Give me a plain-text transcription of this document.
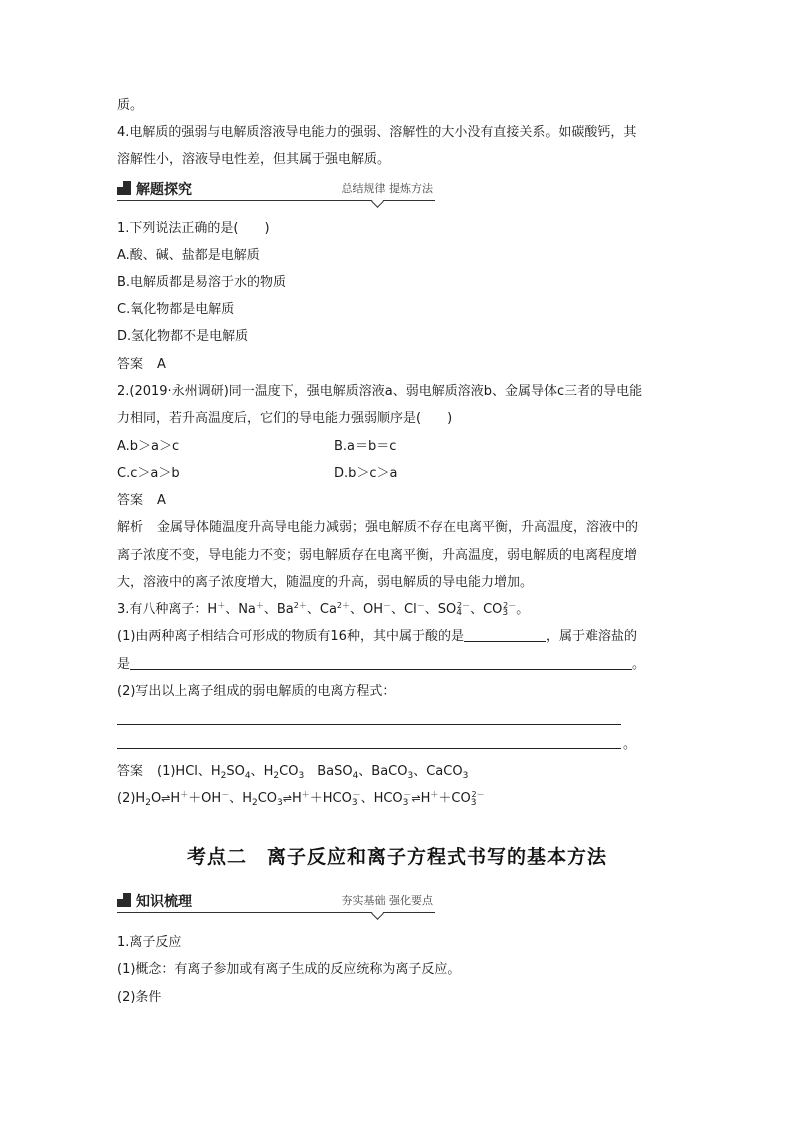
质。
4.电解质的强弱与电解质溶液导电能力的强弱、溶解性的大小没有直接关系。如碳酸钙，其
溶解性小，溶液导电性差，但其属于强电解质。
解题探究	总结规律 提炼方法
1.下列说法正确的是(　　)
A.酸、碱、盐都是电解质
B.电解质都是易溶于水的物质
C.氧化物都是电解质
D.氢化物都不是电解质
答案 A
2.(2019·永州调研)同一温度下，强电解质溶液a、弱电解质溶液b、金属导体c三者的导电能
力相同，若升高温度后，它们的导电能力强弱顺序是(　　)
A.b＞a＞c	B.a＝b＝c
C.c＞a＞b	D.b＞c＞a
答案 A
解析 金属导体随温度升高导电能力减弱；强电解质不存在电离平衡，升高温度，溶液中的
离子浓度不变，导电能力不变；弱电解质存在电离平衡，升高温度，弱电解质的电离程度增
大，溶液中的离子浓度增大，随温度的升高，弱电解质的导电能力增加。
3.有八种离子：H＋、Na＋、$Ba^{2+}$、$Ca^{2+}$、OH－、Cl－、$SO_4^{2-}$、$CO_3^{2-}$。
(1)由两种离子相结合可形成的物质有16种，其中属于酸的是	，属于难溶盐的
是	。
(2)写出以上离子组成的弱电解质的电离方程式：
。
答案 (1)HCl、$H_2SO_4$、$H_2CO_3$　BaSO$_4$、BaCO$_3$、CaCO$_3$
$(2)H_2O\rightleftharpoons H^++OH^-$、$H_2CO_3\rightleftharpoons H^++HCO_3^-$、$HCO_3^-\rightleftharpoons H^++CO_3^{2-}$
考点二　离子反应和离子方程式书写的基本方法
知识梳理	夯实基础 强化要点
1.离子反应
(1)概念：有离子参加或有离子生成的反应统称为离子反应。
(2)条件
